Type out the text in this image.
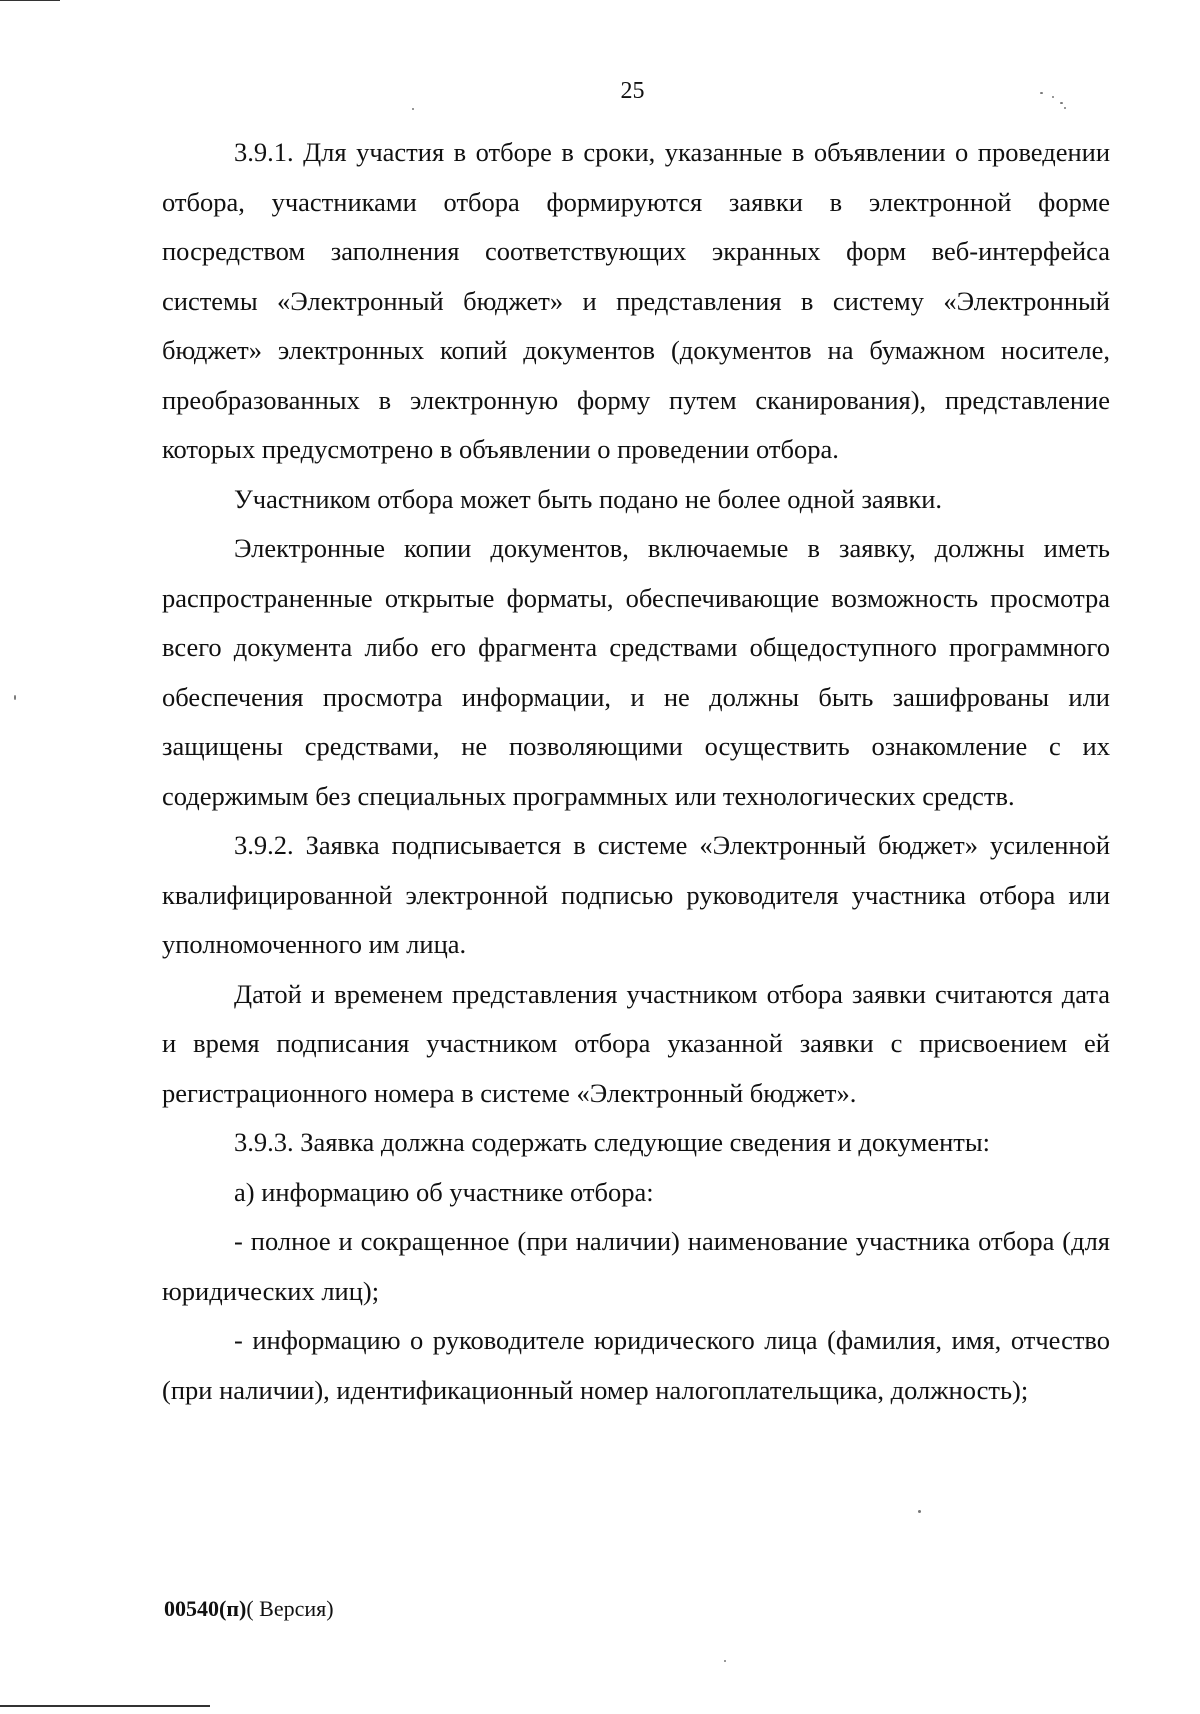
25

3.9.1. Для участия в отборе в сроки, указанные в объявлении о проведении отбора, участниками отбора формируются заявки в электронной форме посредством заполнения соответствующих экранных форм веб-интерфейса системы «Электронный бюджет» и представления в систему «Электронный бюджет» электронных копий документов (документов на бумажном носителе, преобразованных в электронную форму путем сканирования), представление которых предусмотрено в объявлении о проведении отбора.

Участником отбора может быть подано не более одной заявки.

Электронные копии документов, включаемые в заявку, должны иметь распространенные открытые форматы, обеспечивающие возможность просмотра всего документа либо его фрагмента средствами общедоступного программного обеспечения просмотра информации, и не должны быть зашифрованы или защищены средствами, не позволяющими осуществить ознакомление с их содержимым без специальных программных или технологических средств.

3.9.2. Заявка подписывается в системе «Электронный бюджет» усиленной квалифицированной электронной подписью руководителя участника отбора или уполномоченного им лица.

Датой и временем представления участником отбора заявки считаются дата и время подписания участником отбора указанной заявки с присвоением ей регистрационного номера в системе «Электронный бюджет».

3.9.3. Заявка должна содержать следующие сведения и документы:

а) информацию об участнике отбора:

- полное и сокращенное (при наличии) наименование участника отбора (для юридических лиц);

- информацию о руководителе юридического лица (фамилия, имя, отчество (при наличии), идентификационный номер налогоплательщика, должность);

00540(п)( Версия)
